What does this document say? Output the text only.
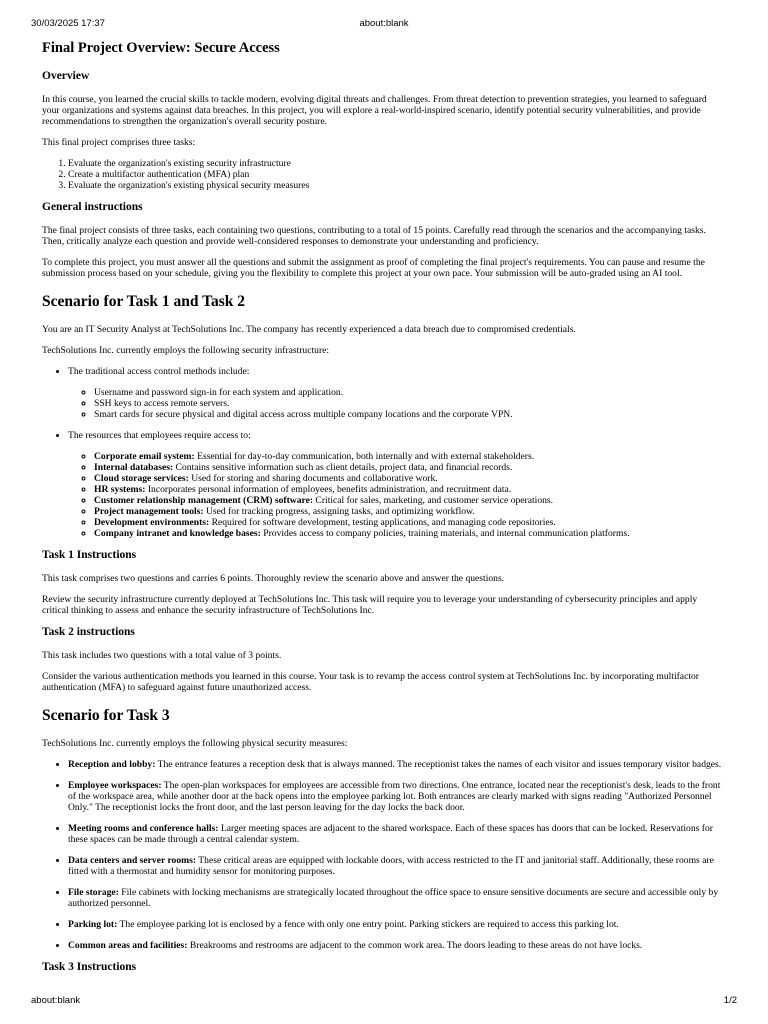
30/03/2025 17:37	about:blank
Final Project Overview: Secure Access
Overview

In this course, you learned the crucial skills to tackle modern, evolving digital threats and challenges. From threat detection to prevention strategies, you learned to safeguard your organizations and systems against data breaches. In this project, you will explore a real-world-inspired scenario, identify potential security vulnerabilities, and provide recommendations to strengthen the organization's overall security posture.

This final project comprises three tasks:

1. Evaluate the organization's existing security infrastructure
2. Create a multifactor authentication (MFA) plan
3. Evaluate the organization's existing physical security measures
General instructions

The final project consists of three tasks, each containing two questions, contributing to a total of 15 points. Carefully read through the scenarios and the accompanying tasks. Then, critically analyze each question and provide well-considered responses to demonstrate your understanding and proficiency.

To complete this project, you must answer all the questions and submit the assignment as proof of completing the final project's requirements. You can pause and resume the submission process based on your schedule, giving you the flexibility to complete this project at your own pace. Your submission will be auto-graded using an AI tool.

Scenario for Task 1 and Task 2

You are an IT Security Analyst at TechSolutions Inc. The company has recently experienced a data breach due to compromised credentials.

TechSolutions Inc. currently employs the following security infrastructure:

• The traditional access control methods include:
◦ Username and password sign-in for each system and application.
◦ SSH keys to access remote servers.
◦ Smart cards for secure physical and digital access across multiple company locations and the corporate VPN.
• The resources that employees require access to:
◦ Corporate email system: Essential for day-to-day communication, both internally and with external stakeholders.
◦ Internal databases: Contains sensitive information such as client details, project data, and financial records.
◦ Cloud storage services: Used for storing and sharing documents and collaborative work.
◦ HR systems: Incorporates personal information of employees, benefits administration, and recruitment data.
◦ Customer relationship management (CRM) software: Critical for sales, marketing, and customer service operations.
◦ Project management tools: Used for tracking progress, assigning tasks, and optimizing workflow.
◦ Development environments: Required for software development, testing applications, and managing code repositories.
◦ Company intranet and knowledge bases: Provides access to company policies, training materials, and internal communication platforms.
Task 1 Instructions

This task comprises two questions and carries 6 points. Thoroughly review the scenario above and answer the questions.

Review the security infrastructure currently deployed at TechSolutions Inc. This task will require you to leverage your understanding of cybersecurity principles and apply critical thinking to assess and enhance the security infrastructure of TechSolutions Inc.

Task 2 instructions

This task includes two questions with a total value of 3 points.

Consider the various authentication methods you learned in this course. Your task is to revamp the access control system at TechSolutions Inc. by incorporating multifactor authentication (MFA) to safeguard against future unauthorized access.

Scenario for Task 3

TechSolutions Inc. currently employs the following physical security measures:

• Reception and lobby: The entrance features a reception desk that is always manned. The receptionist takes the names of each visitor and issues temporary visitor badges.
• Employee workspaces: The open-plan workspaces for employees are accessible from two directions. One entrance, located near the receptionist's desk, leads to the front of the workspace area, while another door at the back opens into the employee parking lot. Both entrances are clearly marked with signs reading "Authorized Personnel Only." The receptionist locks the front door, and the last person leaving for the day locks the back door.
• Meeting rooms and conference halls: Larger meeting spaces are adjacent to the shared workspace. Each of these spaces has doors that can be locked. Reservations for these spaces can be made through a central calendar system.
• Data centers and server rooms: These critical areas are equipped with lockable doors, with access restricted to the IT and janitorial staff. Additionally, these rooms are fitted with a thermostat and humidity sensor for monitoring purposes.
• File storage: File cabinets with locking mechanisms are strategically located throughout the office space to ensure sensitive documents are secure and accessible only by authorized personnel.
• Parking lot: The employee parking lot is enclosed by a fence with only one entry point. Parking stickers are required to access this parking lot.
• Common areas and facilities: Breakrooms and restrooms are adjacent to the common work area. The doors leading to these areas do not have locks.
Task 3 Instructions
about:blank	1/2
